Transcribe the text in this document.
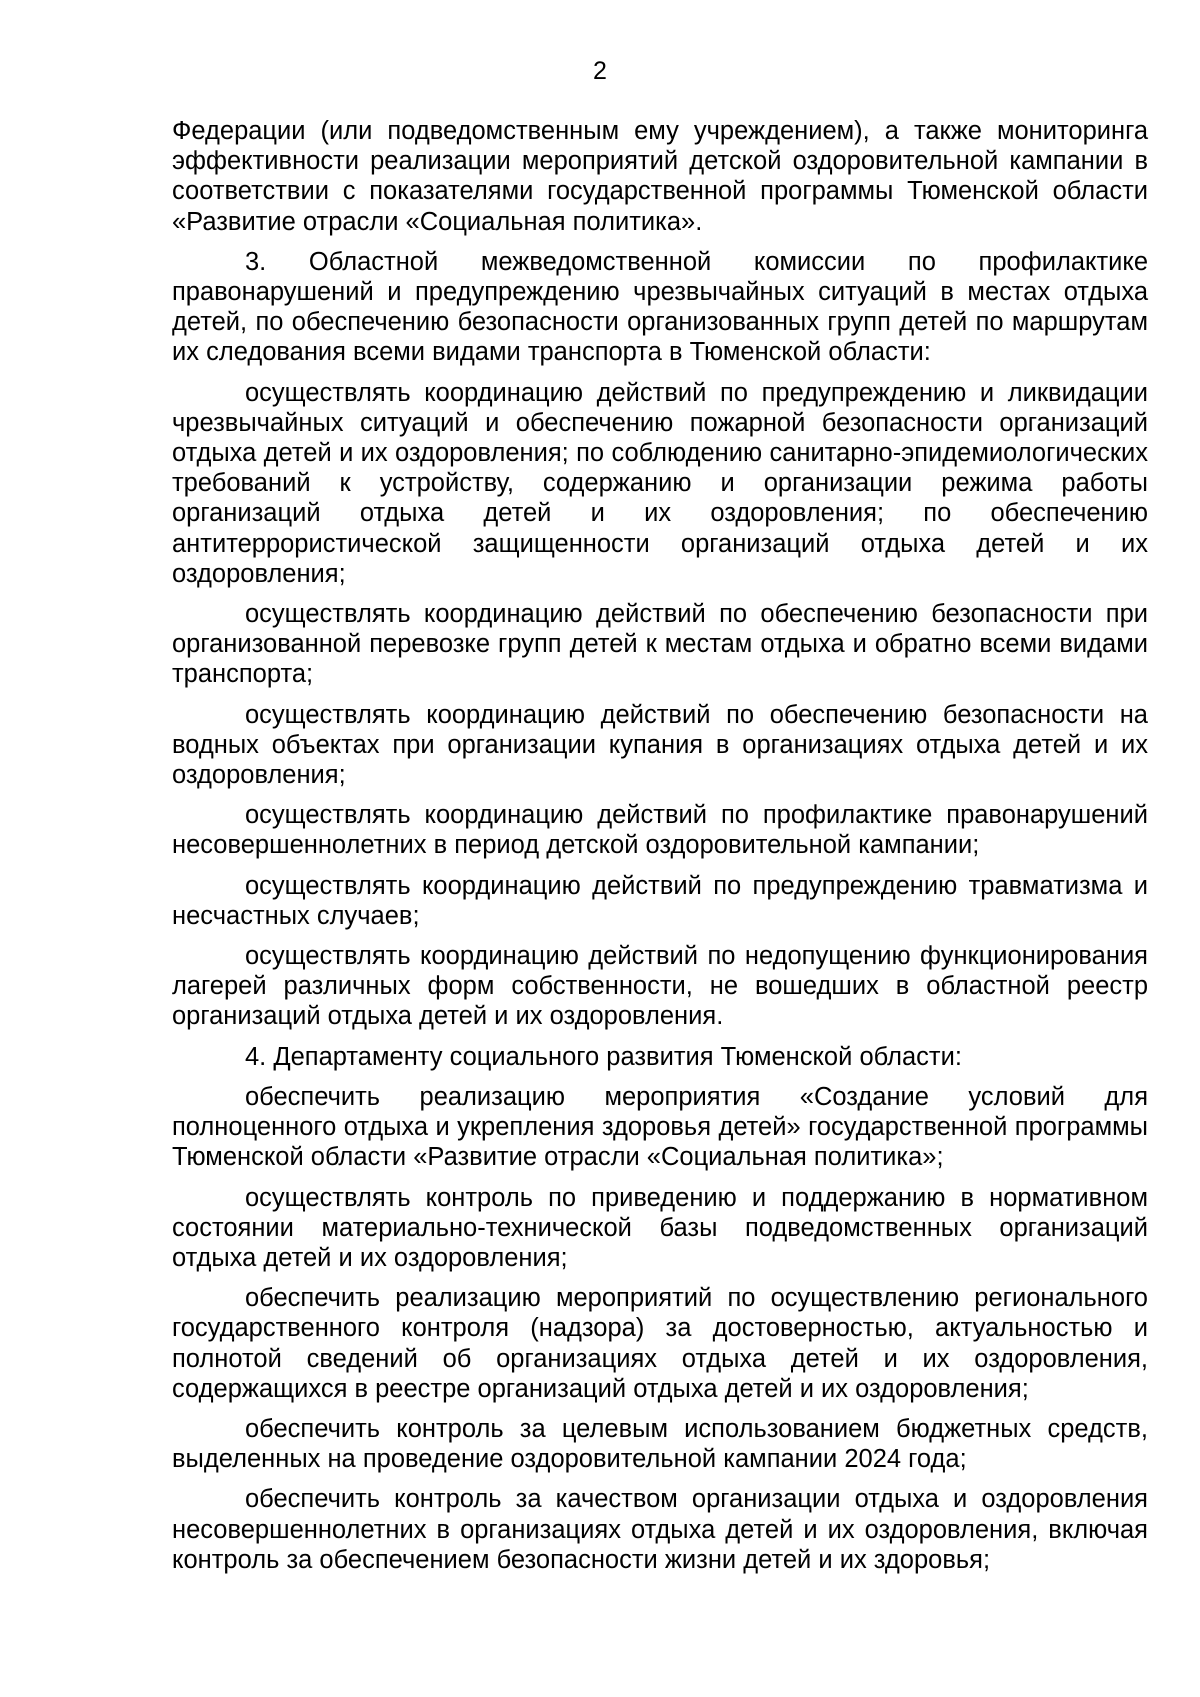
2

Федерации (или подведомственным ему учреждением), а также мониторинга эффективности реализации мероприятий детской оздоровительной кампании в соответствии с показателями государственной программы Тюменской области «Развитие отрасли «Социальная политика».

3. Областной межведомственной комиссии по профилактике правонарушений и предупреждению чрезвычайных ситуаций в местах отдыха детей, по обеспечению безопасности организованных групп детей по маршрутам их следования всеми видами транспорта в Тюменской области:

осуществлять координацию действий по предупреждению и ликвидации чрезвычайных ситуаций и обеспечению пожарной безопасности организаций отдыха детей и их оздоровления; по соблюдению санитарно-эпидемиологических требований к устройству, содержанию и организации режима работы организаций отдыха детей и их оздоровления; по обеспечению антитеррористической защищенности организаций отдыха детей и их оздоровления;

осуществлять координацию действий по обеспечению безопасности при организованной перевозке групп детей к местам отдыха и обратно всеми видами транспорта;

осуществлять координацию действий по обеспечению безопасности на водных объектах при организации купания в организациях отдыха детей и их оздоровления;

осуществлять координацию действий по профилактике правонарушений несовершеннолетних в период детской оздоровительной кампании;

осуществлять координацию действий по предупреждению травматизма и несчастных случаев;

осуществлять координацию действий по недопущению функционирования лагерей различных форм собственности, не вошедших в областной реестр организаций отдыха детей и их оздоровления.

4. Департаменту социального развития Тюменской области:

обеспечить реализацию мероприятия «Создание условий для полноценного отдыха и укрепления здоровья детей» государственной программы Тюменской области «Развитие отрасли «Социальная политика»;

осуществлять контроль по приведению и поддержанию в нормативном состоянии материально-технической базы подведомственных организаций отдыха детей и их оздоровления;

обеспечить реализацию мероприятий по осуществлению регионального государственного контроля (надзора) за достоверностью, актуальностью и полнотой сведений об организациях отдыха детей и их оздоровления, содержащихся в реестре организаций отдыха детей и их оздоровления;

обеспечить контроль за целевым использованием бюджетных средств, выделенных на проведение оздоровительной кампании 2024 года;

обеспечить контроль за качеством организации отдыха и оздоровления несовершеннолетних в организациях отдыха детей и их оздоровления, включая контроль за обеспечением безопасности жизни детей и их здоровья;
